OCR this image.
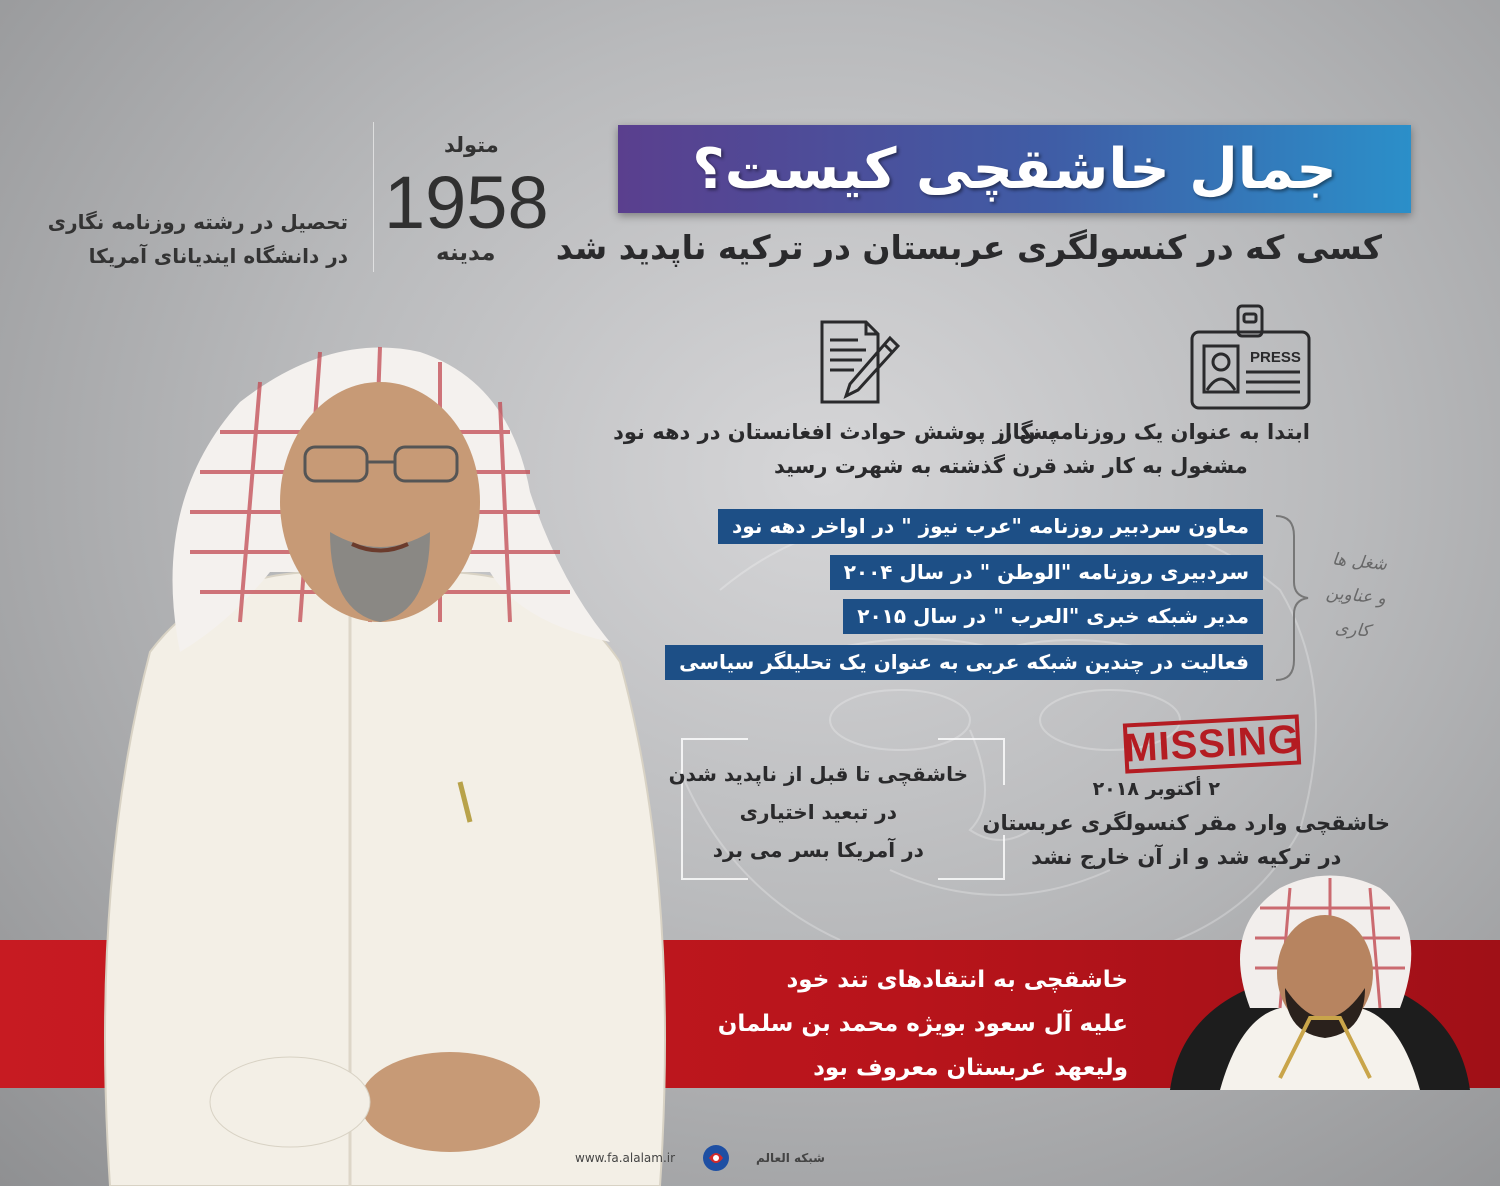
جمال خاشقچی کیست؟
کسی که در کنسولگری عربستان در ترکیه ناپدید شد
متولد
1958
مدینه
تحصیل در رشته روزنامه نگاری
در دانشگاه ایندیانای آمریکا
PRESS
ابتدا به عنوان یک روزنامه نگار
مشغول به کار شد
پس از پوشش حوادث افغانستان در دهه نود
قرن گذشته به شهرت رسید
معاون سردبیر روزنامه "عرب نیوز " در اواخر دهه نود
سردبیری روزنامه "الوطن " در سال ۲۰۰۴
مدیر شبکه خبری "العرب " در سال ۲۰۱۵
فعالیت در چندین شبکه عربی به عنوان یک تحلیلگر سیاسی
شغل ها
و عناوین
کاری
خاشقچی تا قبل از ناپدید شدن
در تبعید اختیاری
در آمریکا بسر می برد
MISSING
۲ أکتوبر ۲۰۱۸
خاشقچی وارد مقر کنسولگری عربستان
در ترکیه شد و از آن خارج نشد
خاشقچی به انتقادهای تند خود
علیه آل سعود بویژه محمد بن سلمان
ولیعهد عربستان معروف بود
www.fa.alalam.ir	شبکه العالم
